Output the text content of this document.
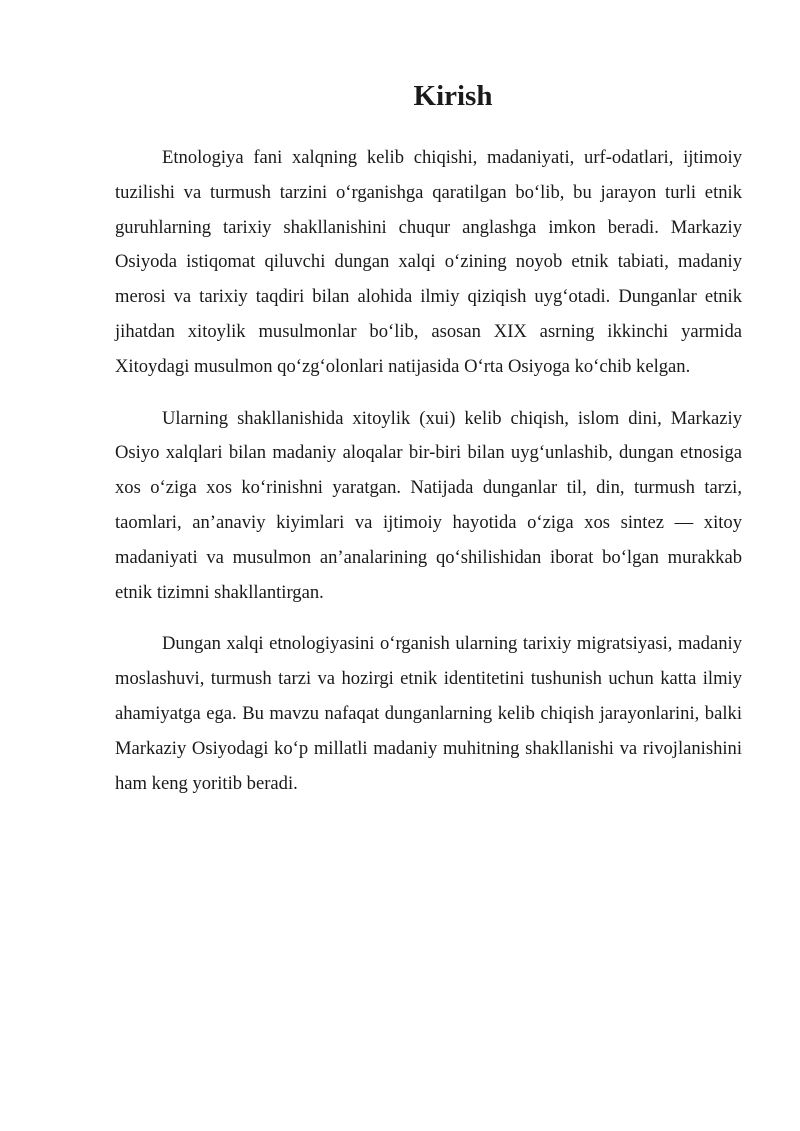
Kirish

Etnologiya fani xalqning kelib chiqishi, madaniyati, urf-odatlari, ijtimoiy tuzilishi va turmush tarzini o‘rganishga qaratilgan bo‘lib, bu jarayon turli etnik guruhlarning tarixiy shakllanishini chuqur anglashga imkon beradi. Markaziy Osiyoda istiqomat qiluvchi dungan xalqi o‘zining noyob etnik tabiati, madaniy merosi va tarixiy taqdiri bilan alohida ilmiy qiziqish uyg‘otadi. Dunganlar etnik jihatdan xitoylik musulmonlar bo‘lib, asosan XIX asrning ikkinchi yarmida Xitoydagi musulmon qo‘zg‘olonlari natijasida O‘rta Osiyoga ko‘chib kelgan.

Ularning shakllanishida xitoylik (xui) kelib chiqish, islom dini, Markaziy Osiyo xalqlari bilan madaniy aloqalar bir-biri bilan uyg‘unlashib, dungan etnosiga xos o‘ziga xos ko‘rinishni yaratgan. Natijada dunganlar til, din, turmush tarzi, taomlari, an’anaviy kiyimlari va ijtimoiy hayotida o‘ziga xos sintez — xitoy madaniyati va musulmon an’analarining qo‘shilishidan iborat bo‘lgan murakkab etnik tizimni shakllantirgan.

Dungan xalqi etnologiyasini o‘rganish ularning tarixiy migratsiyasi, madaniy moslashuvi, turmush tarzi va hozirgi etnik identitetini tushunish uchun katta ilmiy ahamiyatga ega. Bu mavzu nafaqat dunganlarning kelib chiqish jarayonlarini, balki Markaziy Osiyodagi ko‘p millatli madaniy muhitning shakllanishi va rivojlanishini ham keng yoritib beradi.
